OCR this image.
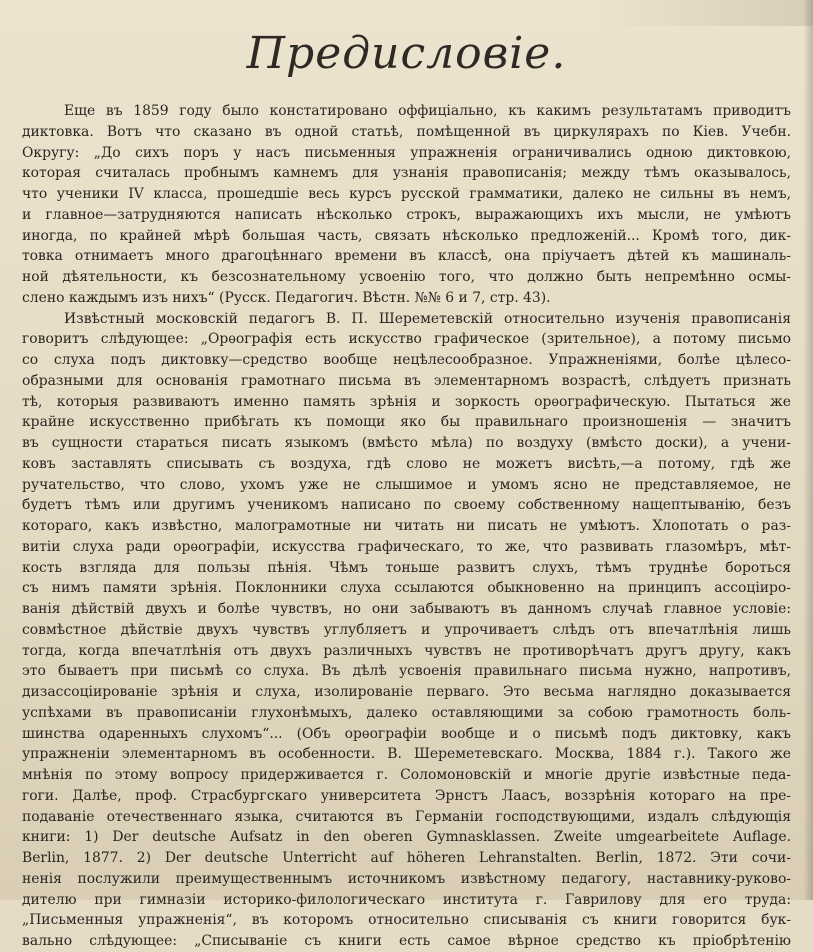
Предисловіе.
Еще въ 1859 году было констатировано оффиціально, къ какимъ результатамъ приводитъ
диктовка. Вотъ что сказано въ одной статьѣ, помѣщенной въ циркулярахъ по Кіев. Учебн.
Округу: „До сихъ поръ у насъ письменныя упражненія ограничивались одною диктовкою,
которая считалась пробнымъ камнемъ для узнанія правописанія; между тѣмъ оказывалось,
что ученики IV класса, прошедшіе весь курсъ русской грамматики, далеко не сильны въ немъ,
и главное—затрудняются написать нѣсколько строкъ, выражающихъ ихъ мысли, не умѣютъ
иногда, по крайней мѣрѣ большая часть, связать нѣсколько предложеній... Кромѣ того, дик-
товка отнимаетъ много драгоцѣннаго времени въ классѣ, она пріучаетъ дѣтей къ машиналь-
ной дѣятельности, къ безсознательному усвоенію того, что должно быть непремѣнно осмы-
слено каждымъ изъ нихъ“ (Русск. Педагогич. Вѣстн. №№ 6 и 7, стр. 43).
Извѣстный московскій педагогъ В. П. Шереметевскій относительно изученія правописанія
говоритъ слѣдующее: „Орѳографія есть искусство графическое (зрительное), а потому письмо
со слуха подъ диктовку—средство вообще нецѣлесообразное. Упражненіями, болѣе цѣлесо-
образными для основанія грамотнаго письма въ элементарномъ возрастѣ, слѣдуетъ признать
тѣ, которыя развиваютъ именно память зрѣнія и зоркость орѳографическую. Пытаться же
крайне искусственно прибѣгать къ помощи яко бы правильнаго произношенія — значитъ
въ сущности стараться писать языкомъ (вмѣсто мѣла) по воздуху (вмѣсто доски), а учени-
ковъ заставлять списывать съ воздуха, гдѣ слово не можетъ висѣть,—а потому, гдѣ же
ручательство, что слово, ухомъ уже не слышимое и умомъ ясно не представляемое, не
будетъ тѣмъ или другимъ ученикомъ написано по своему собственному нащептыванію, безъ
котораго, какъ извѣстно, малограмотные ни читать ни писать не умѣютъ. Хлопотать о раз-
витіи слуха ради орѳографіи, искусства графическаго, то же, что развивать глазомѣръ, мѣт-
кость взгляда для пользы пѣнія. Чѣмъ тоньше развитъ слухъ, тѣмъ труднѣе бороться
съ нимъ памяти зрѣнія. Поклонники слуха ссылаются обыкновенно на принципъ ассоціиро-
ванія дѣйствій двухъ и болѣе чувствъ, но они забываютъ въ данномъ случаѣ главное условіе:
совмѣстное дѣйствіе двухъ чувствъ углубляетъ и упрочиваетъ слѣдъ отъ впечатлѣнія лишь
тогда, когда впечатлѣнія отъ двухъ различныхъ чувствъ не противорѣчатъ другъ другу, какъ
это бываетъ при письмѣ со слуха. Въ дѣлѣ усвоенія правильнаго письма нужно, напротивъ,
дизассоціированіе зрѣнія и слуха, изолированіе перваго. Это весьма наглядно доказывается
успѣхами въ правописаніи глухонѣмыхъ, далеко оставляющими за собою грамотность боль-
шинства одаренныхъ слухомъ“... (Объ орѳографіи вообще и о письмѣ подъ диктовку, какъ
упражненіи элементарномъ въ особенности. В. Шереметевскаго. Москва, 1884 г.). Такого же
мнѣнія по этому вопросу придерживается г. Соломоновскій и многіе другіе извѣстные педа-
гоги. Далѣе, проф. Страсбургскаго университета Эрнстъ Лаасъ, воззрѣнія котораго на пре-
подаваніе отечественнаго языка, считаются въ Германіи господствующими, издалъ слѣдующія
книги: 1) Der deutsche Aufsatz in den oberen Gymnasklassen. Zweite umgearbeitete Auflage.
Berlin, 1877. 2) Der deutsche Unterricht auf höheren Lehranstalten. Berlin, 1872. Эти сочи-
ненія послужили преимущественнымъ источникомъ извѣстному педагогу, наставнику-руково-
дителю при гимназіи историко-филологическаго института г. Гаврилову для его труда:
„Письменныя упражненія“, въ которомъ относительно списыванія съ книги говорится бук-
вально слѣдующее: „Списываніе съ книги есть самое вѣрное средство къ пріобрѣтенію
